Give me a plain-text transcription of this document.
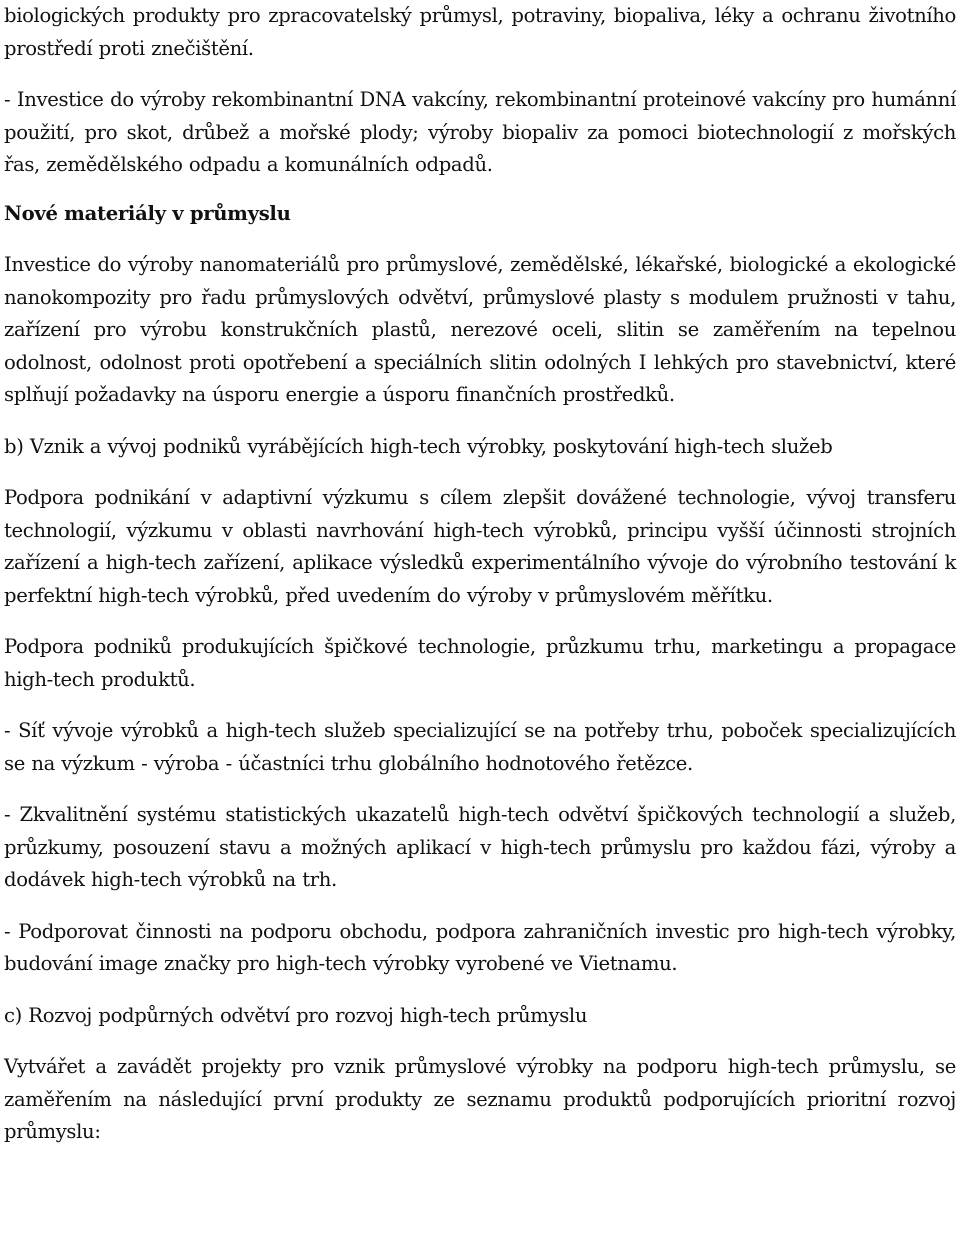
biologických produkty pro zpracovatelský průmysl, potraviny, biopaliva, léky a ochranu životního prostředí proti znečištění.

- Investice do výroby rekombinantní DNA vakcíny, rekombinantní proteinové vakcíny pro humánní použití, pro skot, drůbež a mořské plody; výroby biopaliv za pomoci biotechnologií z mořských řas, zemědělského odpadu a komunálních odpadů.

Nové materiály v průmyslu

Investice do výroby nanomateriálů pro průmyslové, zemědělské, lékařské, biologické a ekologické nanokompozity pro řadu průmyslových odvětví, průmyslové plasty s modulem pružnosti v tahu, zařízení pro výrobu konstrukčních plastů, nerezové oceli, slitin se zaměřením na tepelnou odolnost, odolnost proti opotřebení a speciálních slitin odolných I lehkých pro stavebnictví, které splňují požadavky na úsporu energie a úsporu finančních prostředků.

b) Vznik a vývoj podniků vyrábějících high-tech výrobky, poskytování high-tech služeb

Podpora podnikání v adaptivní výzkumu s cílem zlepšit dovážené technologie, vývoj transferu technologií, výzkumu v oblasti navrhování high-tech výrobků, principu vyšší účinnosti strojních zařízení a high-tech zařízení, aplikace výsledků experimentálního vývoje do výrobního testování k perfektní high-tech výrobků, před uvedením do výroby v průmyslovém měřítku.

Podpora podniků produkujících špičkové technologie, průzkumu trhu, marketingu a propagace high-tech produktů.

- Síť vývoje výrobků a high-tech služeb specializující se na potřeby trhu, poboček specializujících se na výzkum - výroba - účastníci trhu globálního hodnotového řetězce.

- Zkvalitnění systému statistických ukazatelů high-tech odvětví špičkových technologií a služeb, průzkumy, posouzení stavu a možných aplikací v high-tech průmyslu pro každou fázi, výroby a dodávek high-tech výrobků na trh.

- Podporovat činnosti na podporu obchodu, podpora zahraničních investic pro high-tech výrobky, budování image značky pro high-tech výrobky vyrobené ve Vietnamu.

c) Rozvoj podpůrných odvětví pro rozvoj high-tech průmyslu

Vytvářet a zavádět projekty pro vznik průmyslové výrobky na podporu high-tech průmyslu, se zaměřením na následující první produkty ze seznamu produktů podporujících prioritní rozvoj průmyslu:
